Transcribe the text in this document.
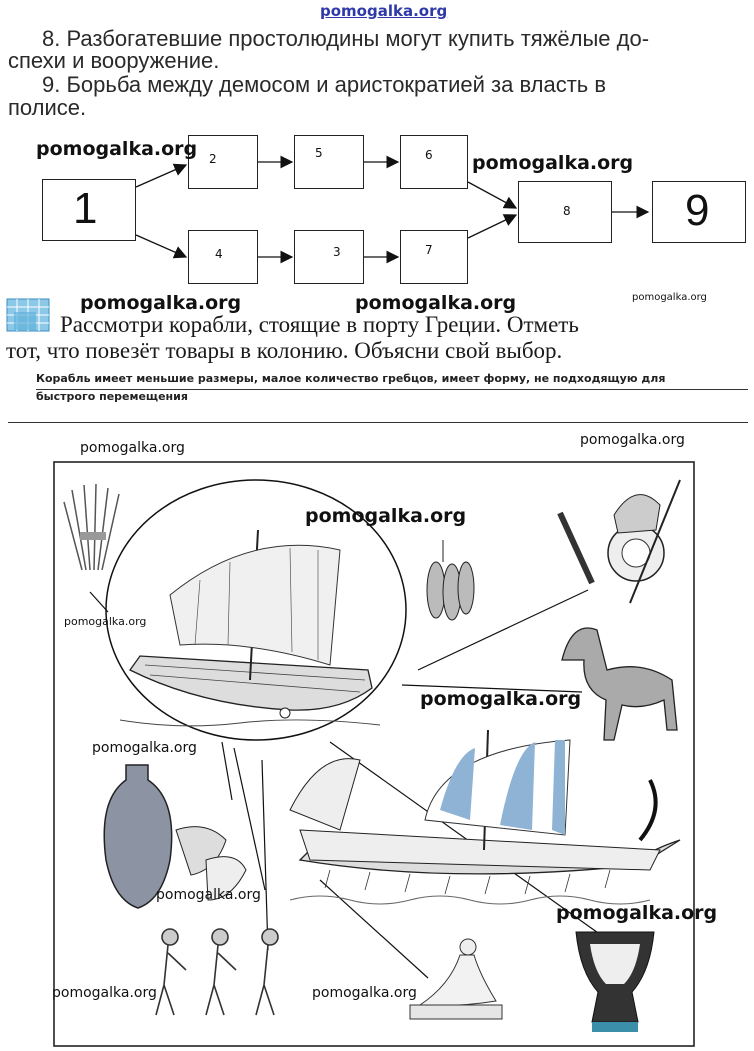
pomogalka.org
8. Разбогатевшие простолюдины могут купить тяжёлые до-
спехи и вооружение.
9. Борьба между демосом и аристократией за власть в
полисе.
1
2	5	6
4	3	7
8	9
pomogalka.org
pomogalka.org
pomogalka.org	pomogalka.org	pomogalka.org
Рассмотри корабли, стоящие в порту Греции. Отметь
тот, что повезёт товары в колонию. Объясни свой выбор.
Корабль имеет меньшие размеры, малое количество гребцов, имеет форму, не подходящую для
быстрого перемещения
pomogalka.org	pomogalka.org
pomogalka.org
pomogalka.org
pomogalka.org
pomogalka.org
pomogalka.org
pomogalka.org
pomogalka.org	pomogalka.org
